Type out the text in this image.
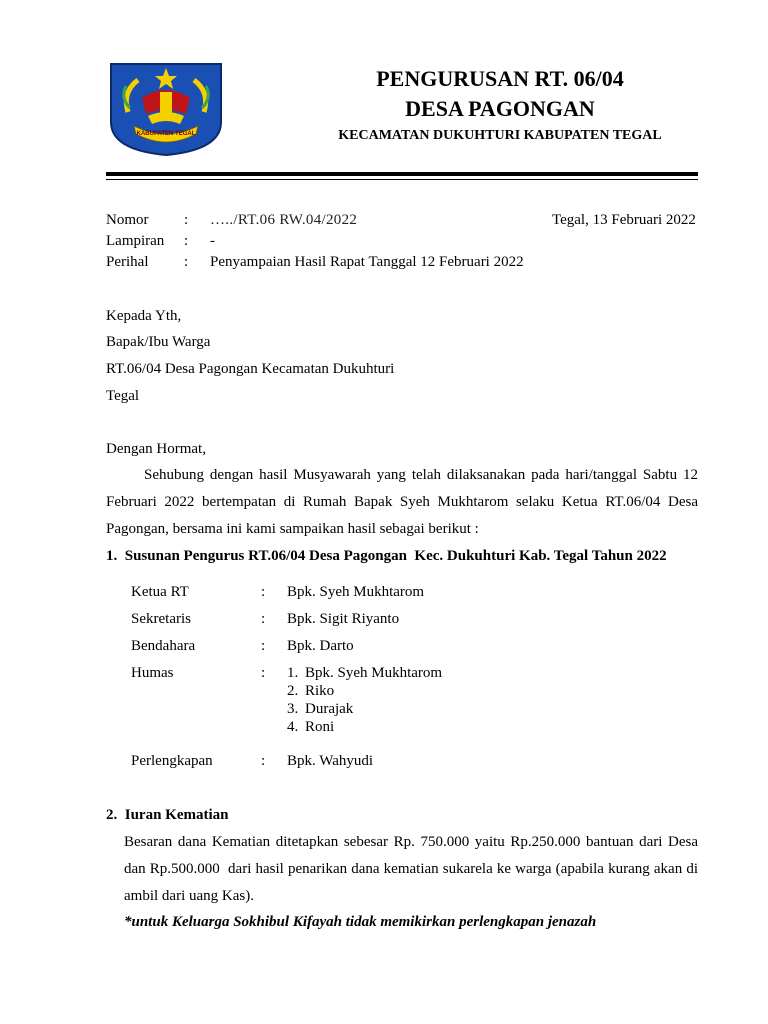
KABUPATEN TEGAL
PENGURUSAN RT. 06/04
DESA PAGONGAN
KECAMATAN DUKUHTURI KABUPATEN TEGAL
Nomor : …../RT.06 RW.04/2022	Tegal, 13 Februari 2022
Lampiran : -
Perihal : Penyampaian Hasil Rapat Tanggal 12 Februari 2022
Kepada Yth,
Bapak/Ibu Warga
RT.06/04 Desa Pagongan Kecamatan Dukuhturi
Tegal
Dengan Hormat,
Sehubung dengan hasil Musyawarah yang telah dilaksanakan pada hari/tanggal Sabtu 12
Februari 2022 bertempatan di Rumah Bapak Syeh Mukhtarom selaku Ketua RT.06/04 Desa
Pagongan, bersama ini kami sampaikan hasil sebagai berikut :
1.  Susunan Pengurus RT.06/04 Desa Pagongan  Kec. Dukuhturi Kab. Tegal Tahun 2022
Ketua RT	: Bpk. Syeh Mukhtarom
Sekretaris	: Bpk. Sigit Riyanto
Bendahara	: Bpk. Darto
Humas	: 1. Bpk. Syeh Mukhtarom
2. Riko
3. Durajak
4. Roni
Perlengkapan	: Bpk. Wahyudi
2.  Iuran Kematian
Besaran dana Kematian ditetapkan sebesar Rp. 750.000 yaitu Rp.250.000 bantuan dari Desa
dan Rp.500.000  dari hasil penarikan dana kematian sukarela ke warga (apabila kurang akan di
ambil dari uang Kas).
*untuk Keluarga Sokhibul Kifayah tidak memikirkan perlengkapan jenazah
